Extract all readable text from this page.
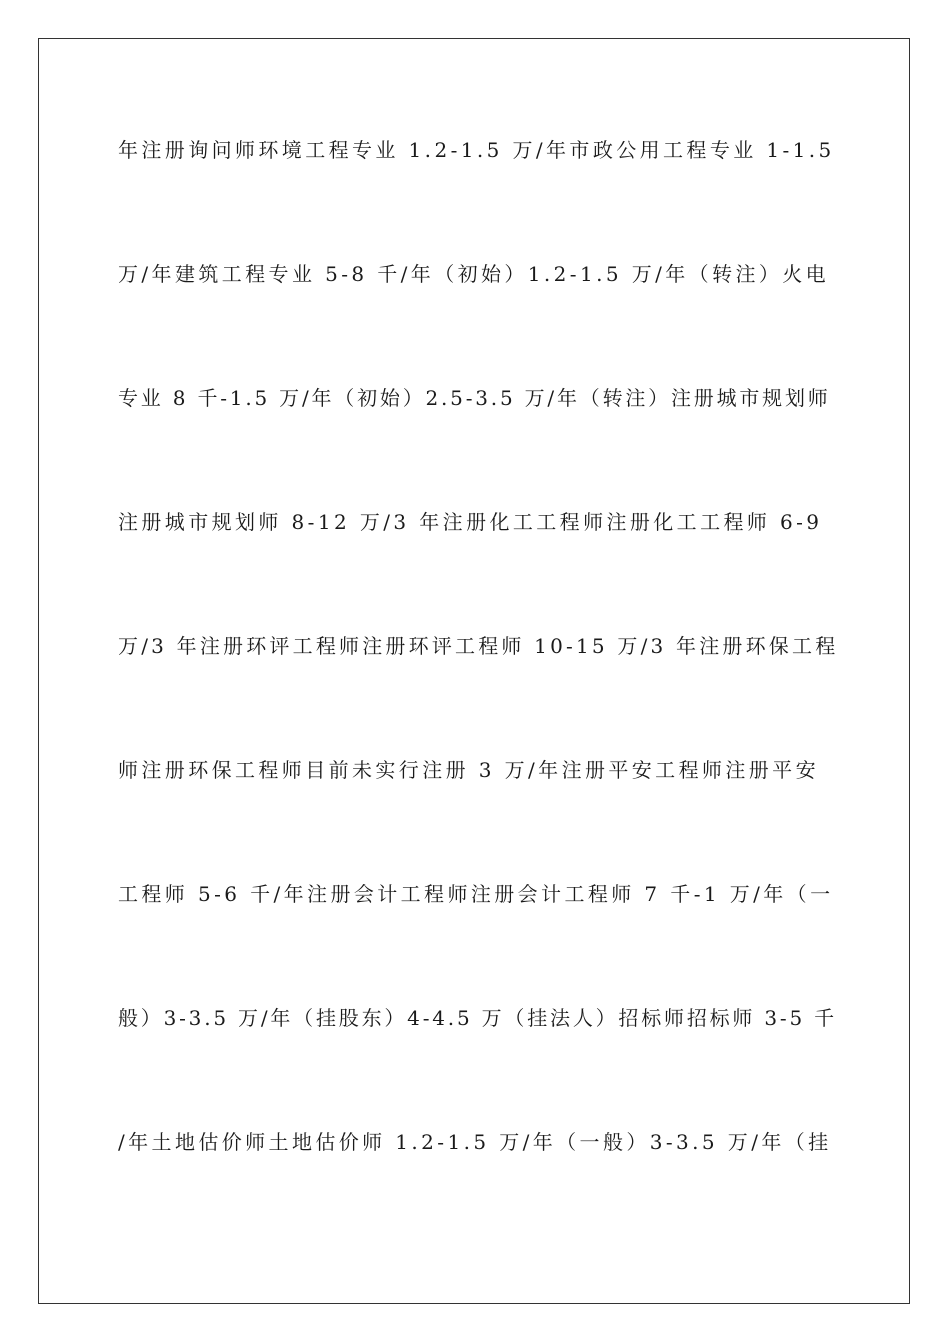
年注册询问师环境工程专业 1.2-1.5 万/年市政公用工程专业 1-1.5
万/年建筑工程专业 5-8 千/年（初始）1.2-1.5 万/年（转注）火电
专业 8 千-1.5 万/年（初始）2.5-3.5 万/年（转注）注册城市规划师
注册城市规划师 8-12 万/3 年注册化工工程师注册化工工程师 6-9
万/3 年注册环评工程师注册环评工程师 10-15 万/3 年注册环保工程
师注册环保工程师目前未实行注册 3 万/年注册平安工程师注册平安
工程师 5-6 千/年注册会计工程师注册会计工程师 7 千-1 万/年（一
般）3-3.5 万/年（挂股东）4-4.5 万（挂法人）招标师招标师 3-5 千
/年土地估价师土地估价师 1.2-1.5 万/年（一般）3-3.5 万/年（挂
